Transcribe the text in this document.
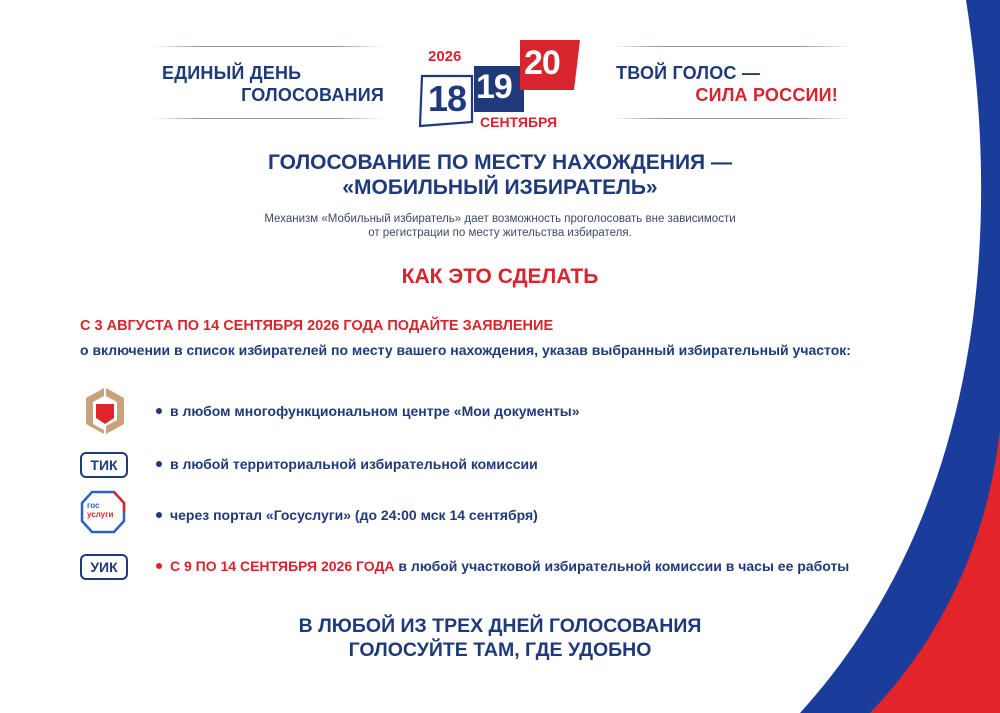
ЕДИНЫЙ ДЕНЬ
ГОЛОСОВАНИЯ
2026
18 19
20
СЕНТЯБРЯ
ТВОЙ ГОЛОС —
СИЛА РОССИИ!
ГОЛОСОВАНИЕ ПО МЕСТУ НАХОЖДЕНИЯ —
«МОБИЛЬНЫЙ ИЗБИРАТЕЛЬ»
Механизм «Мобильный избиратель» дает возможность проголосовать вне зависимости
от регистрации по месту жительства избирателя.
КАК ЭТО СДЕЛАТЬ
С 3 АВГУСТА ПО 14 СЕНТЯБРЯ 2026 ГОДА ПОДАЙТЕ ЗАЯВЛЕНИЕ
о включении в список избирателей по месту вашего нахождения, указав выбранный избирательный участок:
в любом многофункциональном центре «Мои документы»
ТИК	в любой территориальной избирательной комиссии
гос
услуги	через портал «Госуслуги» (до 24:00 мск 14 сентября)
УИК	С 9 ПО 14 СЕНТЯБРЯ 2026 ГОДА в любой участковой избирательной комиссии в часы ее работы
В ЛЮБОЙ ИЗ ТРЕХ ДНЕЙ ГОЛОСОВАНИЯ
ГОЛОСУЙТЕ ТАМ, ГДЕ УДОБНО
